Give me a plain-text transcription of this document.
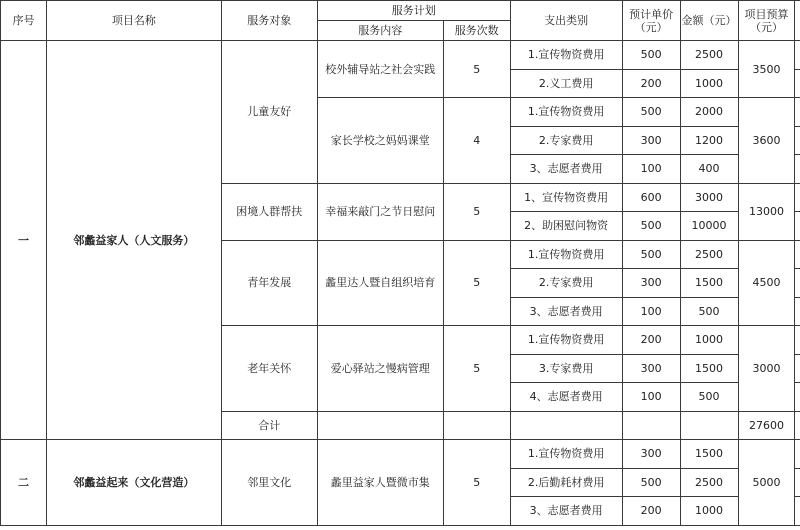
序号	项目名称	服务对象	服务计划		支出类别	预计单价（元）	金额（元）	项目预算（元）	
			服务内容	服务次数					
一	邻蠡益家人（人文服务）	儿童友好	校外辅导站之社会实践	5	1.宣传物资费用	500	2500	3500	
					2.义工费用	200	1000		
			家长学校之妈妈课堂	4	1.宣传物资费用	500	2000	3600	
					2.专家费用	300	1200		
					3、志愿者费用	100	400		
		困境人群帮扶	幸福来敲门之节日慰问	5	1、宣传物资费用	600	3000	13000	
					2、助困慰问物资	500	10000		
		青年发展	蠡里达人暨自组织培育	5	1.宣传物资费用	500	2500	4500	
					2.专家费用	300	1500		
					3、志愿者费用	100	500		
		老年关怀	爱心驿站之慢病管理	5	1.宣传物资费用	200	1000	3000	
					3.专家费用	300	1500		
					4、志愿者费用	100	500		
		合计						27600	
二	邻蠡益起来（文化营造）	邻里文化	蠡里益家人暨微市集	5	1.宣传物资费用	300	1500	5000	
					2.后勤耗材费用	500	2500		
					3、志愿者费用	200	1000		
